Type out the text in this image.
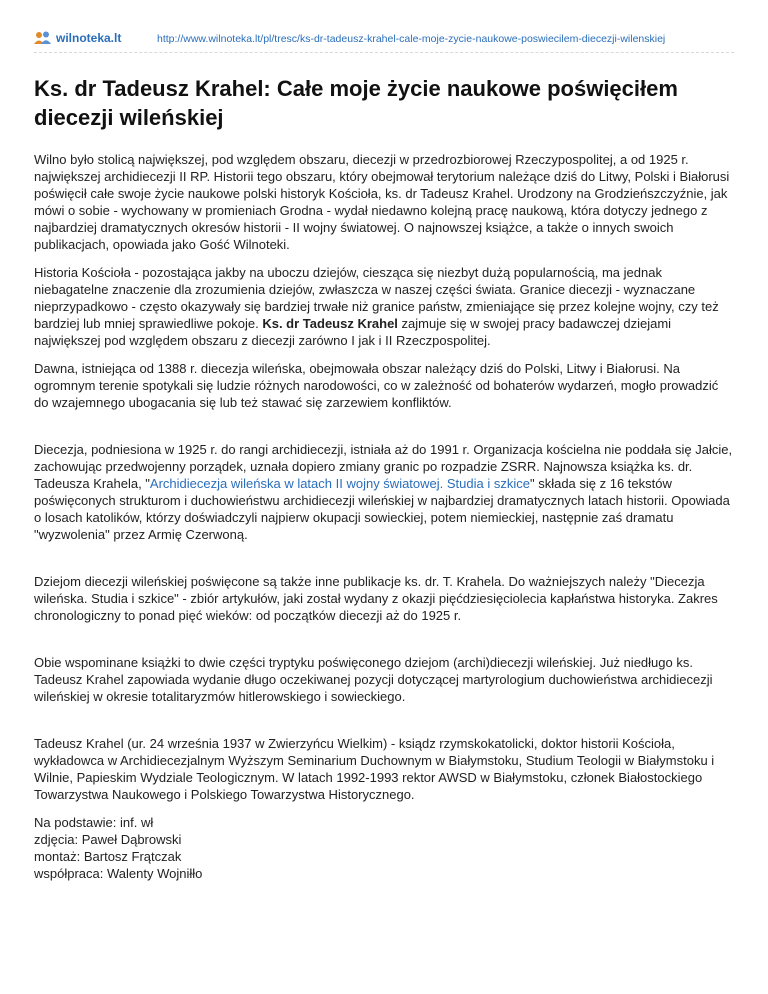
wilnoteka.lt	http://www.wilnoteka.lt/pl/tresc/ks-dr-tadeusz-krahel-cale-moje-zycie-naukowe-poswiecilem-diecezji-wilenskiej
Ks. dr Tadeusz Krahel: Całe moje życie naukowe poświęciłem diecezji wileńskiej

Wilno było stolicą największej, pod względem obszaru, diecezji w przedrozbiorowej Rzeczypospolitej, a od 1925 r. największej archidiecezji II RP. Historii tego obszaru, który obejmował terytorium należące dziś do Litwy, Polski i Białorusi poświęcił całe swoje życie naukowe polski historyk Kościoła, ks. dr Tadeusz Krahel. Urodzony na Grodzieńszczyźnie, jak mówi o sobie - wychowany w promieniach Grodna - wydał niedawno kolejną pracę naukową, która dotyczy jednego z najbardziej dramatycznych okresów historii - II wojny światowej. O najnowszej książce, a także o innych swoich publikacjach, opowiada jako Gość Wilnoteki.

Historia Kościoła - pozostająca jakby na uboczu dziejów, ciesząca się niezbyt dużą popularnością, ma jednak niebagatelne znaczenie dla zrozumienia dziejów, zwłaszcza w naszej części świata. Granice diecezji - wyznaczane nieprzypadkowo - często okazywały się bardziej trwałe niż granice państw, zmieniające się przez kolejne wojny, czy też bardziej lub mniej sprawiedliwe pokoje. Ks. dr Tadeusz Krahel zajmuje się w swojej pracy badawczej dziejami największej pod względem obszaru z diecezji zarówno I jak i II Rzeczpospolitej.

Dawna, istniejąca od 1388 r. diecezja wileńska, obejmowała obszar należący dziś do Polski, Litwy i Białorusi. Na ogromnym terenie spotykali się ludzie różnych narodowości, co w zależność od bohaterów wydarzeń, mogło prowadzić do wzajemnego ubogacania się lub też stawać się zarzewiem konfliktów.

Diecezja, podniesiona w 1925 r. do rangi archidiecezji, istniała aż do 1991 r. Organizacja kościelna nie poddała się Jałcie, zachowując przedwojenny porządek, uznała dopiero zmiany granic po rozpadzie ZSRR. Najnowsza książka ks. dr. Tadeusza Krahela, "Archidiecezja wileńska w latach II wojny światowej. Studia i szkice" składa się z 16 tekstów poświęconych strukturom i duchowieństwu archidiecezji wileńskiej w najbardziej dramatycznych latach historii. Opowiada o losach katolików, którzy doświadczyli najpierw okupacji sowieckiej, potem niemieckiej, następnie zaś dramatu "wyzwolenia" przez Armię Czerwoną.

Dziejom diecezji wileńskiej poświęcone są także inne publikacje ks. dr. T. Krahela. Do ważniejszych należy "Diecezja wileńska. Studia i szkice" - zbiór artykułów, jaki został wydany z okazji pięćdziesięciolecia kapłaństwa historyka. Zakres chronologiczny to ponad pięć wieków: od początków diecezji aż do 1925 r.

Obie wspominane książki to dwie części tryptyku poświęconego dziejom (archi)diecezji wileńskiej. Już niedługo ks. Tadeusz Krahel zapowiada wydanie długo oczekiwanej pozycji dotyczącej martyrologium duchowieństwa archidiecezji wileńskiej w okresie totalitaryzmów hitlerowskiego i sowieckiego.

Tadeusz Krahel (ur. 24 września 1937 w Zwierzyńcu Wielkim) - ksiądz rzymskokatolicki, doktor historii Kościoła, wykładowca w Archidiecezjalnym Wyższym Seminarium Duchownym w Białymstoku, Studium Teologii w Białymstoku i Wilnie, Papieskim Wydziale Teologicznym. W latach 1992-1993 rektor AWSD w Białymstoku, członek Białostockiego Towarzystwa Naukowego i Polskiego Towarzystwa Historycznego.

Na podstawie: inf. wł

zdjęcia: Paweł Dąbrowski

montaż: Bartosz Frątczak

współpraca: Walenty Wojniłło
